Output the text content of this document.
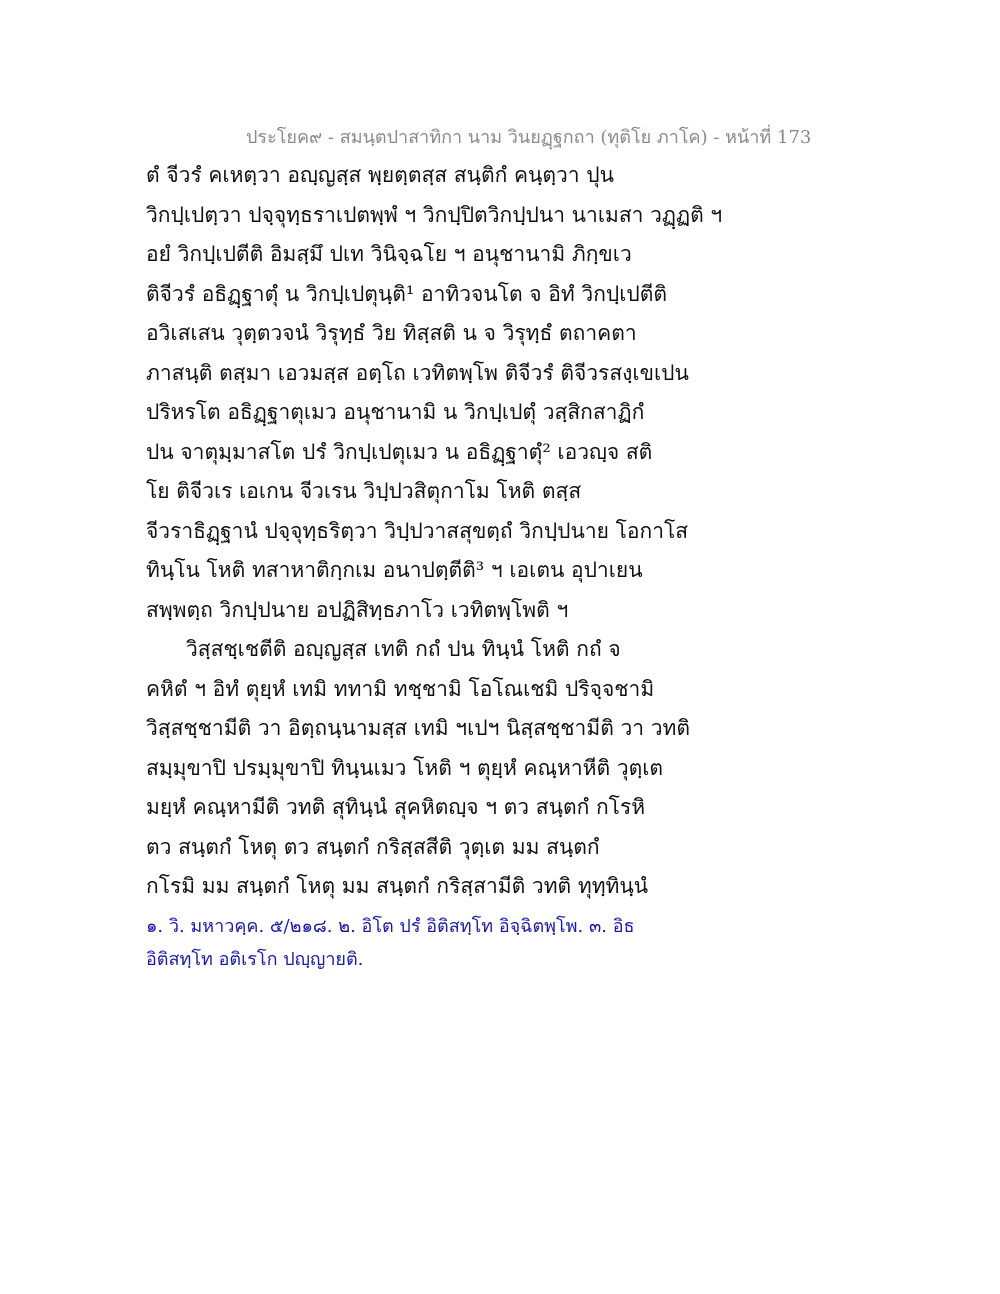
ประโยค๙ - สมนฺตปาสาทิกา นาม วินยฏฺฐกถา (ทุติโย ภาโค) - หน้าที่ 173
ตํ จีวรํ คเหตฺวา อญฺญสฺส พฺยตฺตสฺส สนฺติกํ คนฺตฺวา ปุน
วิกปฺเปตฺวา ปจฺจุทฺธราเปตพฺพํ ฯ วิกปฺปิตวิกปฺปนา นาเมสา วฏฺฏติ ฯ
อยํ วิกปฺเปตีติ อิมสฺมึ ปเท วินิจฺฉโย ฯ อนุชานามิ ภิกฺขเว
ติจีวรํ อธิฏฺฐาตุํ น วิกปฺเปตุนฺติ¹ อาทิวจนโต จ อิทํ วิกปฺเปตีติ
อวิเสเสน วุตฺตวจนํ วิรุทฺธํ วิย ทิสฺสติ น จ วิรุทฺธํ ตถาคตา
ภาสนฺติ ตสฺมา เอวมสฺส อตฺโถ เวทิตพฺโพ ติจีวรํ ติจีวรสงฺเขเปน
ปริหรโต อธิฏฺฐาตุเมว อนุชานามิ น วิกปฺเปตุํ วสฺสิกสาฏิกํ
ปน จาตุมฺมาสโต ปรํ วิกปฺเปตุเมว น อธิฏฺฐาตุํ² เอวญฺจ สติ
โย ติจีวเร เอเกน จีวเรน วิปฺปวสิตุกาโม โหติ ตสฺส
จีวราธิฏฺฐานํ ปจฺจุทฺธริตฺวา วิปฺปวาสสุขตฺถํ วิกปฺปนาย โอกาโส
ทินฺโน โหติ ทสาหาติกฺกเม อนาปตฺตีติ³ ฯ เอเตน อุปาเยน
สพฺพตฺถ วิกปฺปนาย อปฏิสิทฺธภาโว เวทิตพฺโพติ ฯ
วิสฺสชฺเชตีติ อญฺญสฺส เทติ กถํ ปน ทินฺนํ โหติ กถํ จ
คหิตํ ฯ อิทํ ตุยฺหํ เทมิ ททามิ ทชฺชามิ โอโณเชมิ ปริจฺจชามิ
วิสฺสชฺชามีติ วา อิตฺถนฺนามสฺส เทมิ ฯเปฯ นิสฺสชฺชามีติ วา วทติ
สมฺมุขาปิ ปรมฺมุขาปิ ทินฺนเมว โหติ ฯ ตุยฺหํ คณฺหาหีติ วุตฺเต
มยฺหํ คณฺหามีติ วทติ สุทินฺนํ สุคหิตญฺจ ฯ ตว สนฺตกํ กโรหิ
ตว สนฺตกํ โหตุ ตว สนฺตกํ กริสฺสสีติ วุตฺเต มม สนฺตกํ
กโรมิ มม สนฺตกํ โหตุ มม สนฺตกํ กริสฺสามีติ วทติ ทุทฺทินฺนํ
๑. วิ. มหาวคฺค. ๕/๒๑๘. ๒. อิโต ปรํ อิติสทฺโท อิจฺฉิตพฺโพ. ๓. อิธ
อิติสทฺโท อติเรโก ปญฺญายติ.
